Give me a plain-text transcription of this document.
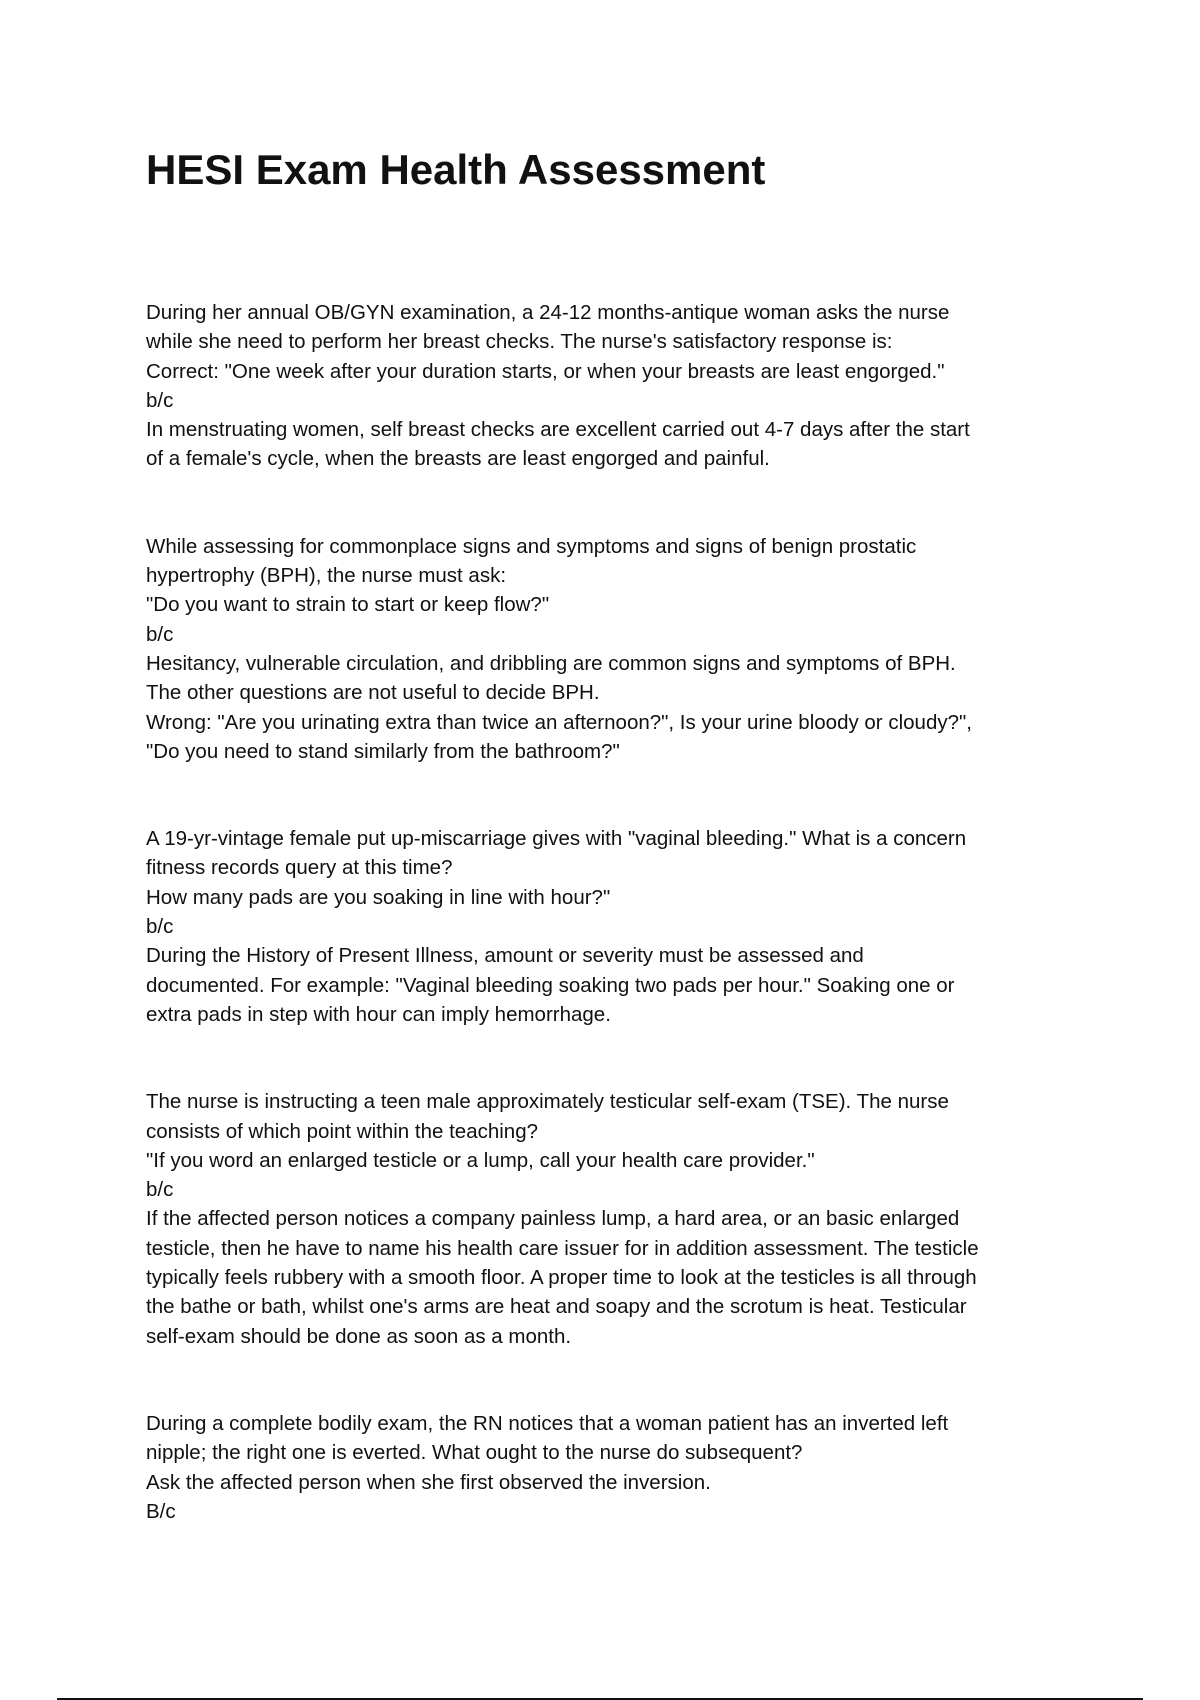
HESI Exam Health Assessment
During her annual OB/GYN examination, a 24-12 months-antique woman asks the nurse
while she need to perform her breast checks. The nurse's satisfactory response is:
Correct: "One week after your duration starts, or when your breasts are least engorged."
b/c
In menstruating women, self breast checks are excellent carried out 4-7 days after the start
of a female's cycle, when the breasts are least engorged and painful.
While assessing for commonplace signs and symptoms and signs of benign prostatic
hypertrophy (BPH), the nurse must ask:
"Do you want to strain to start or keep flow?"
b/c
Hesitancy, vulnerable circulation, and dribbling are common signs and symptoms of BPH.
The other questions are not useful to decide BPH.
Wrong: "Are you urinating extra than twice an afternoon?", Is your urine bloody or cloudy?",
"Do you need to stand similarly from the bathroom?"
A 19-yr-vintage female put up-miscarriage gives with "vaginal bleeding." What is a concern
fitness records query at this time?
How many pads are you soaking in line with hour?"
b/c
During the History of Present Illness, amount or severity must be assessed and
documented. For example: "Vaginal bleeding soaking two pads per hour." Soaking one or
extra pads in step with hour can imply hemorrhage.
The nurse is instructing a teen male approximately testicular self-exam (TSE). The nurse
consists of which point within the teaching?
"If you word an enlarged testicle or a lump, call your health care provider."
b/c
If the affected person notices a company painless lump, a hard area, or an basic enlarged
testicle, then he have to name his health care issuer for in addition assessment. The testicle
typically feels rubbery with a smooth floor. A proper time to look at the testicles is all through
the bathe or bath, whilst one's arms are heat and soapy and the scrotum is heat. Testicular
self-exam should be done as soon as a month.
During a complete bodily exam, the RN notices that a woman patient has an inverted left
nipple; the right one is everted. What ought to the nurse do subsequent?
Ask the affected person when she first observed the inversion.
B/c
